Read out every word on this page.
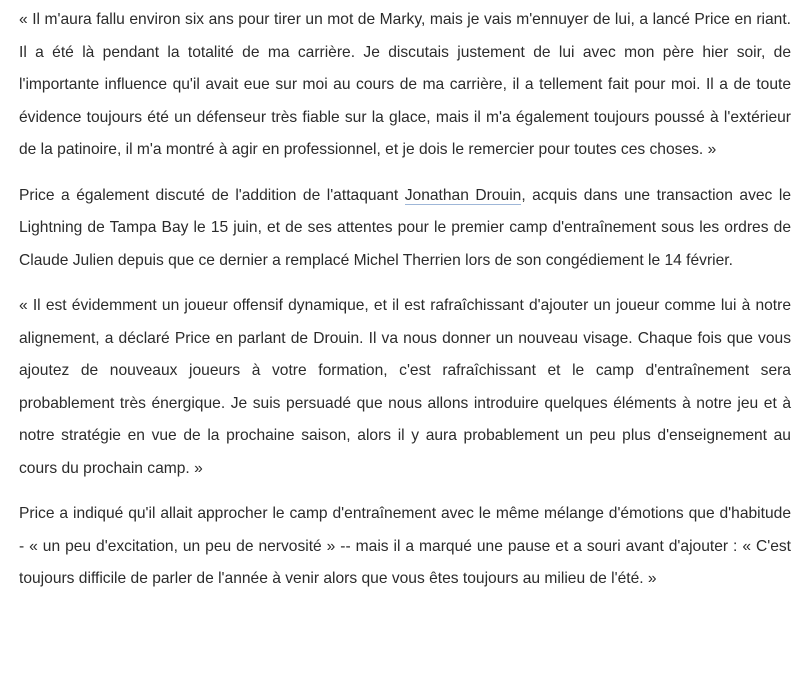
« Il m'aura fallu environ six ans pour tirer un mot de Marky, mais je vais m'ennuyer de lui, a lancé Price en riant. Il a été là pendant la totalité de ma carrière. Je discutais justement de lui avec mon père hier soir, de l'importante influence qu'il avait eue sur moi au cours de ma carrière, il a tellement fait pour moi. Il a de toute évidence toujours été un défenseur très fiable sur la glace, mais il m'a également toujours poussé à l'extérieur de la patinoire, il m'a montré à agir en professionnel, et je dois le remercier pour toutes ces choses. »

Price a également discuté de l'addition de l'attaquant Jonathan Drouin, acquis dans une transaction avec le Lightning de Tampa Bay le 15 juin, et de ses attentes pour le premier camp d'entraînement sous les ordres de Claude Julien depuis que ce dernier a remplacé Michel Therrien lors de son congédiement le 14 février.

« Il est évidemment un joueur offensif dynamique, et il est rafraîchissant d'ajouter un joueur comme lui à notre alignement, a déclaré Price en parlant de Drouin. Il va nous donner un nouveau visage. Chaque fois que vous ajoutez de nouveaux joueurs à votre formation, c'est rafraîchissant et le camp d'entraînement sera probablement très énergique. Je suis persuadé que nous allons introduire quelques éléments à notre jeu et à notre stratégie en vue de la prochaine saison, alors il y aura probablement un peu plus d'enseignement au cours du prochain camp. »

Price a indiqué qu'il allait approcher le camp d'entraînement avec le même mélange d'émotions que d'habitude - « un peu d'excitation, un peu de nervosité » -- mais il a marqué une pause et a souri avant d'ajouter : « C'est toujours difficile de parler de l'année à venir alors que vous êtes toujours au milieu de l'été. »
